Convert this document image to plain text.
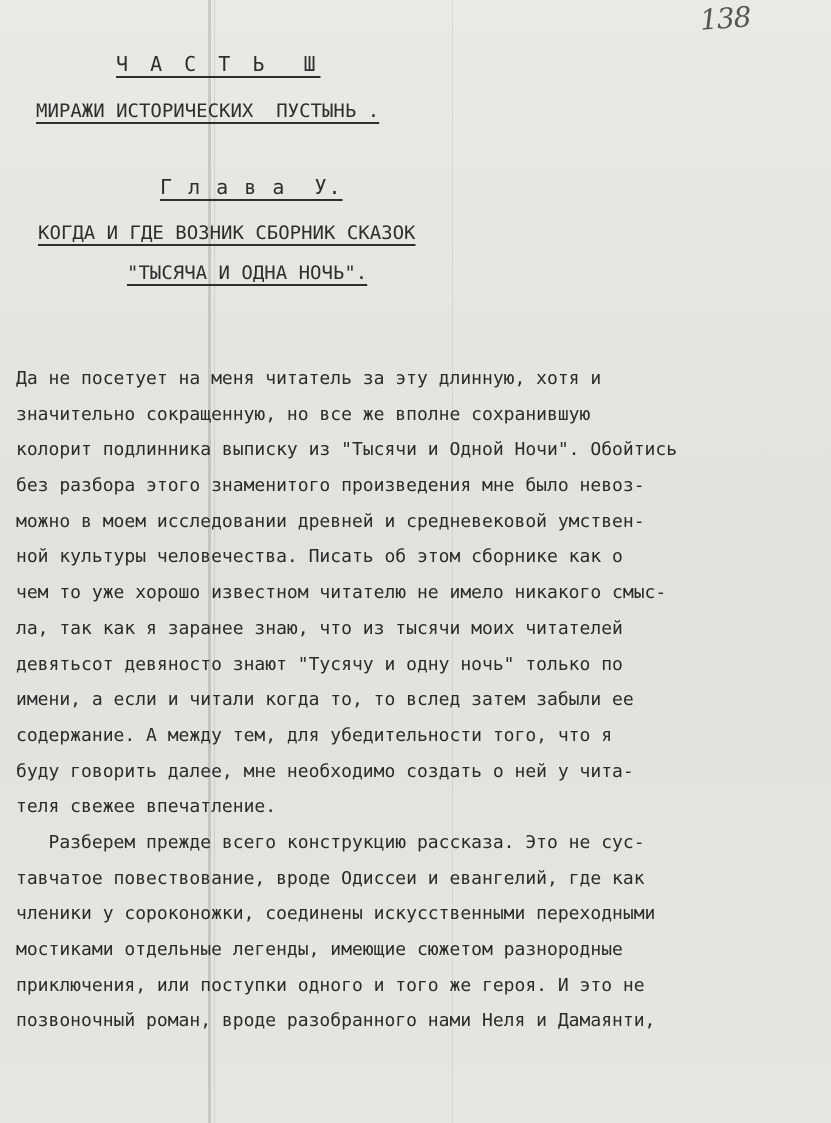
138
Ч А С Т Ь  Ш
МИРАЖИ ИСТОРИЧЕСКИХ  ПУСТЫНЬ .
Г л а в а  У.
КОГДА И ГДЕ ВОЗНИК СБОРНИК СКАЗОК
"ТЫСЯЧА И ОДНА НОЧЬ".
Да не посетует на меня читатель за эту длинную, хотя и
значительно сокращенную, но все же вполне сохранившую
колорит подлинника выписку из "Тысячи и Одной Ночи". Обойтись
без разбора этого знаменитого произведения мне было невоз-
можно в моем исследовании древней и средневековой умствен-
ной культуры человечества. Писать об этом сборнике как о
чем то уже хорошо известном читателю не имело никакого смыс-
ла, так как я заранее знаю, что из тысячи моих читателей
девятьсот девяносто знают "Тусячу и одну ночь" только по
имени, а если и читали когда то, то вслед затем забыли ее
содержание. А между тем, для убедительности того, что я
буду говорить далее, мне необходимо создать о ней у чита-
теля свежее впечатление.
Разберем прежде всего конструкцию рассказа. Это не сус-
тавчатое повествование, вроде Одиссеи и евангелий, где как
членики у сороконожки, соединены искусственными переходными
мостиками отдельные легенды, имеющие сюжетом разнородные
приключения, или поступки одного и того же героя. И это не
позвоночный роман, вроде разобранного нами Неля и Дамаянти,
